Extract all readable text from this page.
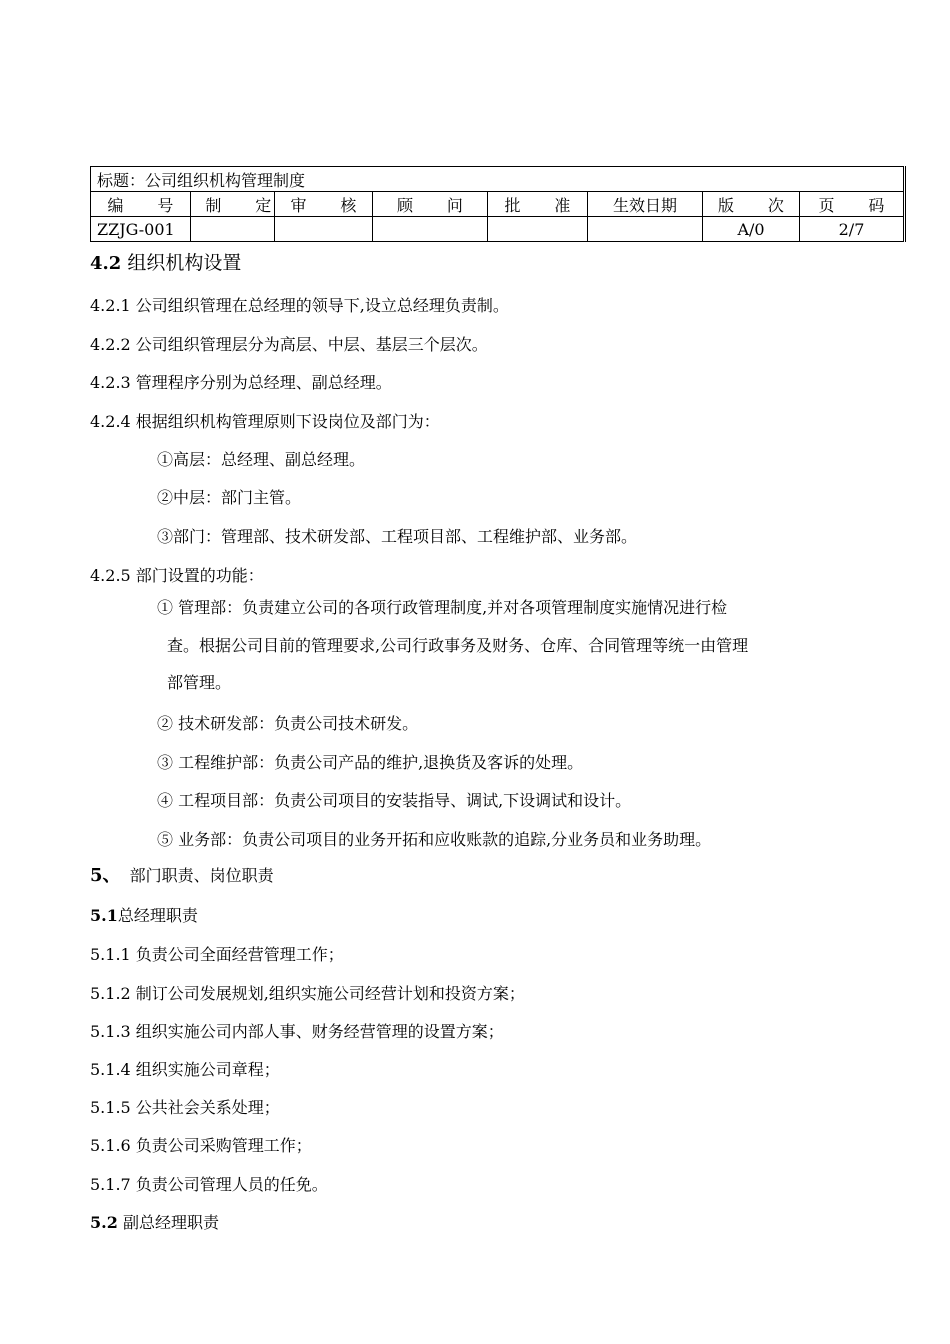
标题：公司组织机构管理制度							
编 号	制 定	审 核	顾 问	批 准	生效日期	版 次	页 码
ZZJG-001						A/0	2/7
4.2 组织机构设置
4.2.1 公司组织管理在总经理的领导下,设立总经理负责制。
4.2.2 公司组织管理层分为高层、中层、基层三个层次。
4.2.3 管理程序分别为总经理、副总经理。
4.2.4 根据组织机构管理原则下设岗位及部门为：
①高层：总经理、副总经理。
②中层：部门主管。
③部门：管理部、技术研发部、工程项目部、工程维护部、业务部。
4.2.5 部门设置的功能：
① 管理部：负责建立公司的各项行政管理制度,并对各项管理制度实施情况进行检
查。根据公司目前的管理要求,公司行政事务及财务、仓库、合同管理等统一由管理
部管理。
② 技术研发部：负责公司技术研发。
③ 工程维护部：负责公司产品的维护,退换货及客诉的处理。
④ 工程项目部：负责公司项目的安装指导、调试,下设调试和设计。
⑤ 业务部：负责公司项目的业务开拓和应收账款的追踪,分业务员和业务助理。
5、 部门职责、岗位职责
5.1总经理职责
5.1.1 负责公司全面经营管理工作；
5.1.2 制订公司发展规划,组织实施公司经营计划和投资方案；
5.1.3 组织实施公司内部人事、财务经营管理的设置方案；
5.1.4 组织实施公司章程；
5.1.5 公共社会关系处理；
5.1.6 负责公司采购管理工作；
5.1.7 负责公司管理人员的任免。
5.2 副总经理职责
